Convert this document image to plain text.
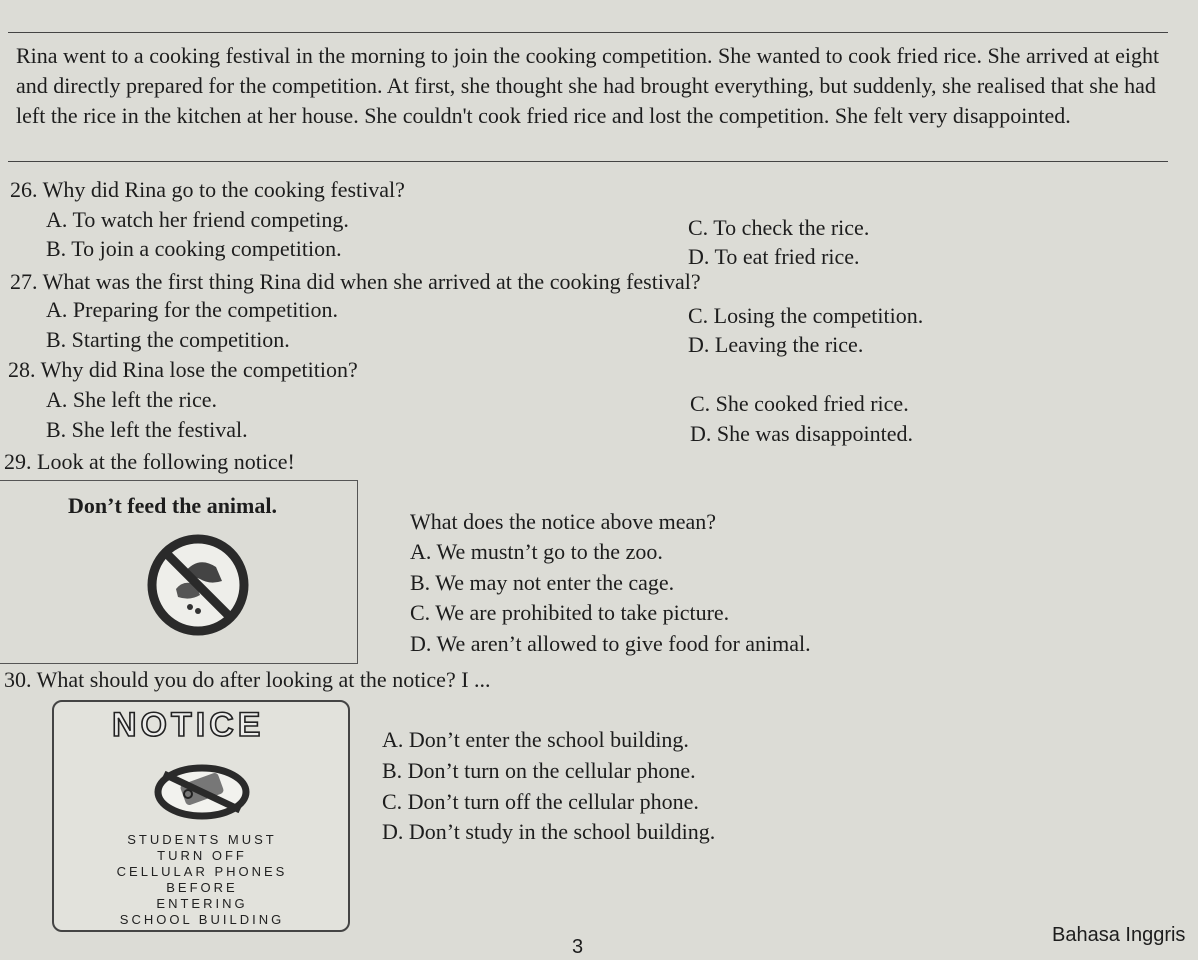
Rina went to a cooking festival in the morning to join the cooking competition. She wanted to cook fried rice. She arrived at eight and directly prepared for the competition. At first, she thought she had brought everything, but suddenly, she realised that she had left the rice in the kitchen at her house. She couldn't cook fried rice and lost the competition. She felt very disappointed.
26. Why did Rina go to the cooking festival?
A. To watch her friend competing.
B. To join a cooking competition.
C. To check the rice.
D. To eat fried rice.
27. What was the first thing Rina did when she arrived at the cooking festival?
A. Preparing for the competition.
B. Starting the competition.
C. Losing the competition.
D. Leaving the rice.
28. Why did Rina lose the competition?
A. She left the rice.
B. She left the festival.
C. She cooked fried rice.
D. She was disappointed.
29. Look at the following notice!
Don’t feed the animal.
What does the notice above mean?
A. We mustn’t go to the zoo.
B. We may not enter the cage.
C. We are prohibited to take picture.
D. We aren’t allowed to give food for animal.
30. What should you do after looking at the notice? I ...
NOTICE
STUDENTS MUST
TURN OFF
CELLULAR PHONES
BEFORE
ENTERING
SCHOOL BUILDING
A. Don’t enter the school building.
B. Don’t turn on the cellular phone.
C. Don’t turn off the cellular phone.
D. Don’t study in the school building.
3
Bahasa Inggris
